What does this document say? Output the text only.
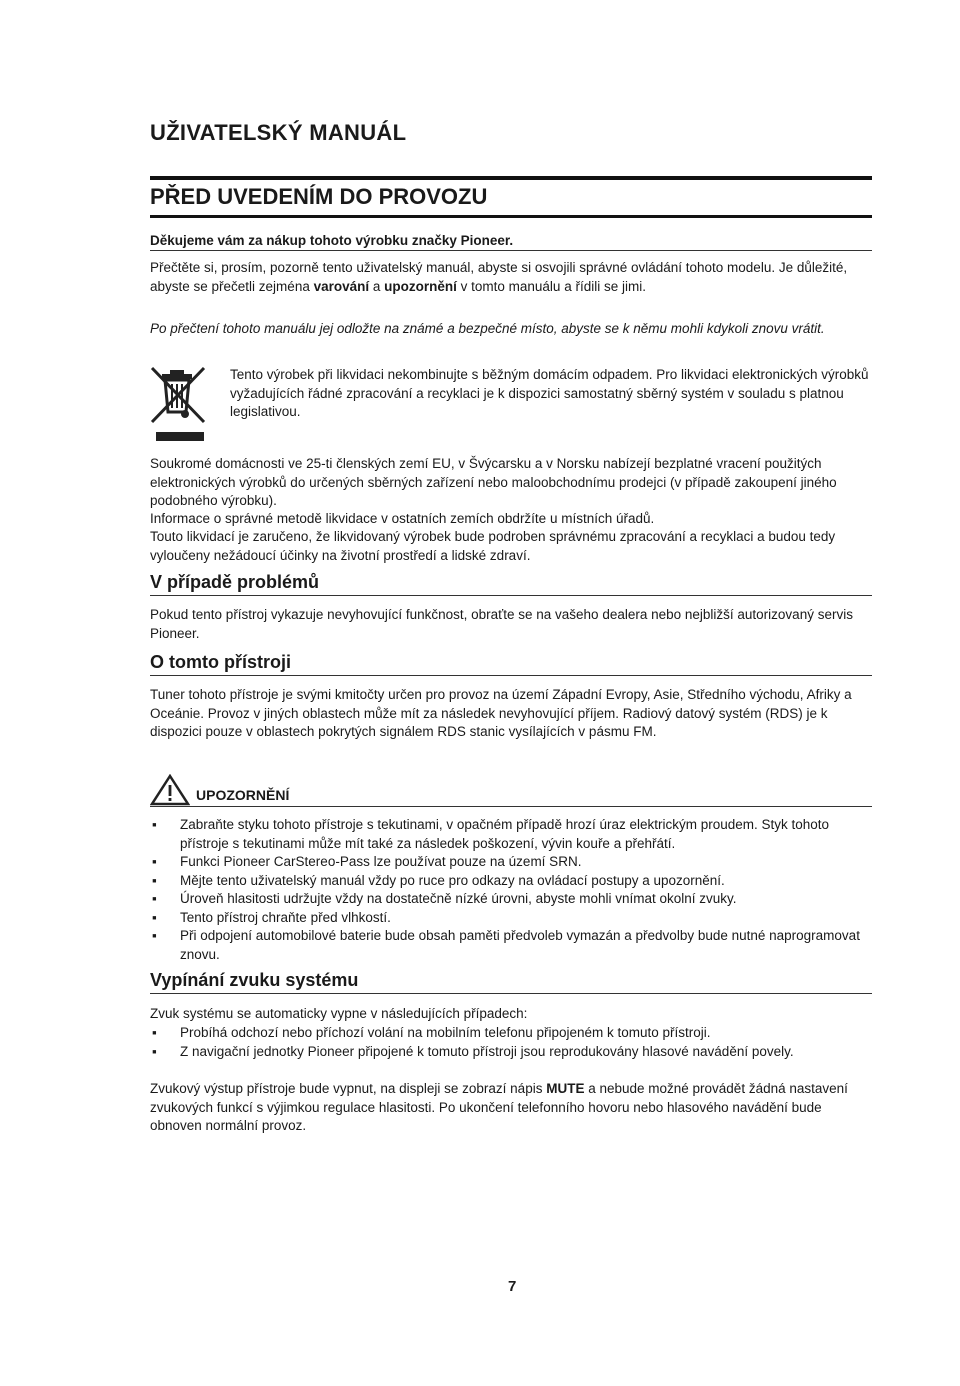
UŽIVATELSKÝ MANUÁL
PŘED UVEDENÍM DO PROVOZU

Děkujeme vám za nákup tohoto výrobku značky Pioneer.

Přečtěte si, prosím, pozorně tento uživatelský manuál, abyste si osvojili správné ovládání tohoto modelu. Je důležité, abyste se přečetli zejména varování a upozornění v tomto manuálu a řídili se jimi.

Po přečtení tohoto manuálu jej odložte na známé a bezpečné místo, abyste se k němu mohli kdykoli znovu vrátit.

Tento výrobek při likvidaci nekombinujte s běžným domácím odpadem. Pro likvidaci elektronických výrobků vyžadujících řádné zpracování a recyklaci je k dispozici samostatný sběrný systém v souladu s platnou legislativou.

Soukromé domácnosti ve 25-ti členských zemí EU, v Švýcarsku a v Norsku nabízejí bezplatné vracení použitých elektronických výrobků do určených sběrných zařízení nebo maloobchodnímu prodejci (v případě zakoupení jiného podobného výrobku).

Informace o správné metodě likvidace v ostatních zemích obdržíte u místních úřadů.

Touto likvidací je zaručeno, že likvidovaný výrobek bude podroben správnému zpracování a recyklaci a budou tedy vyloučeny nežádoucí účinky na životní prostředí a lidské zdraví.

V případě problémů

Pokud tento přístroj vykazuje nevyhovující funkčnost, obraťte se na vašeho dealera nebo nejbližší autorizovaný servis Pioneer.

O tomto přístroji

Tuner tohoto přístroje je svými kmitočty určen pro provoz na území Západní Evropy, Asie, Středního východu, Afriky a Oceánie. Provoz v jiných oblastech může mít za následek nevyhovující příjem. Radiový datový systém (RDS) je k dispozici pouze v oblastech pokrytých signálem RDS stanic vysílajících v pásmu FM.

UPOZORNĚNÍ

▪ Zabraňte styku tohoto přístroje s tekutinami, v opačném případě hrozí úraz elektrickým proudem. Styk tohoto přístroje s tekutinami může mít také za následek poškození, vývin kouře a přehřátí.
▪ Funkci Pioneer CarStereo-Pass lze používat pouze na území SRN.
▪ Mějte tento uživatelský manuál vždy po ruce pro odkazy na ovládací postupy a upozornění.
▪ Úroveň hlasitosti udržujte vždy na dostatečně nízké úrovni, abyste mohli vnímat okolní zvuky.
▪ Tento přístroj chraňte před vlhkostí.
▪ Při odpojení automobilové baterie bude obsah paměti předvoleb vymazán a předvolby bude nutné naprogramovat znovu.
Vypínání zvuku systému

Zvuk systému se automaticky vypne v následujících případech:

▪ Probíhá odchozí nebo příchozí volání na mobilním telefonu připojeném k tomuto přístroji.
▪ Z navigační jednotky Pioneer připojené k tomuto přístroji jsou reprodukovány hlasové navádění povely.

Zvukový výstup přístroje bude vypnut, na displeji se zobrazí nápis MUTE a nebude možné provádět žádná nastavení zvukových funkcí s výjimkou regulace hlasitosti. Po ukončení telefonního hovoru nebo hlasového navádění bude obnoven normální provoz.

7
